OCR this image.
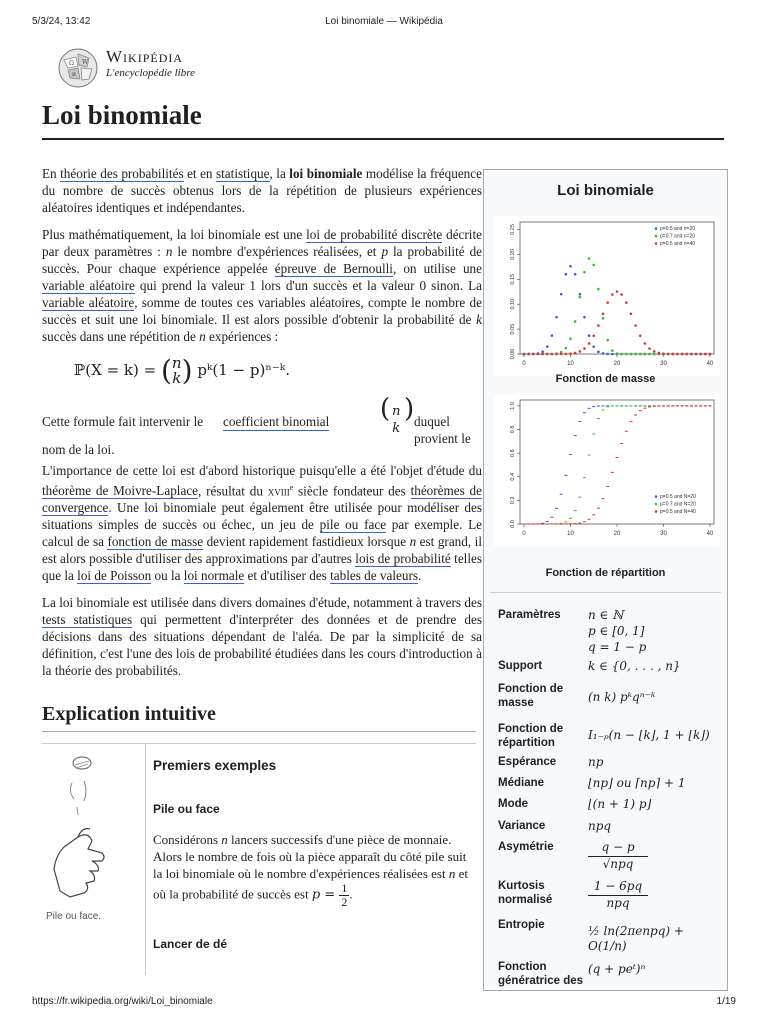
5/3/24, 13:42	Loi binomiale — Wikipédia
Ω W
и
Wikipédia
L'encyclopédie libre
Loi binomiale

En théorie des probabilités et en statistique, la loi binomiale modélise la fréquence du nombre de succès obtenus lors de la répétition de plusieurs expériences aléatoires identiques et indépendantes.

Plus mathématiquement, la loi binomiale est une loi de probabilité discrète décrite par deux paramètres : n le nombre d'expériences réalisées, et p la probabilité de succès. Pour chaque expérience appelée épreuve de Bernoulli, on utilise une variable aléatoire qui prend la valeur 1 lors d'un succès et la valeur 0 sinon. La variable aléatoire, somme de toutes ces variables aléatoires, compte le nombre de succès et suit une loi binomiale. Il est alors possible d'obtenir la probabilité de k succès dans une répétition de n expériences :

ℙ(X = k) = (n
k) pᵏ(1 − p)ⁿ⁻ᵏ.
Cette formule fait intervenir le coefficient binomial ( n
k
) duquel provient le
nom de la loi.

L'importance de cette loi est d'abord historique puisqu'elle a été l'objet d'étude du théorème de Moivre-Laplace, résultat du xviii$^e$ siècle fondateur des théorèmes de convergence. Une loi binomiale peut également être utilisée pour modéliser des situations simples de succès ou échec, un jeu de pile ou face par exemple. Le calcul de sa fonction de masse devient rapidement fastidieux lorsque n est grand, il est alors possible d'utiliser des approximations par d'autres lois de probabilité telles que la loi de Poisson ou la loi normale et d'utiliser des tables de valeurs.

La loi binomiale est utilisée dans divers domaines d'étude, notamment à travers des tests statistiques qui permettent d'interpréter des données et de prendre des décisions dans des situations dépendant de l'aléa. De par la simplicité de sa définition, c'est l'une des lois de probabilité étudiées dans les cours d'introduction à la théorie des probabilités.

Explication intuitive
Premiers exemples
Pile ou face
Pile ou face.
Considérons n lancers successifs d'une pièce de monnaie. Alors le nombre de fois où la pièce apparaît du côté pile suit la loi binomiale où le nombre d'expériences réalisées est n et où la probabilité de succès est $p = \frac{1}{2}$.
Lancer de dé
Loi binomiale
0.00
0.05
0.10
0.15
0.20
0.25
0	10	20	30	40
p=0.5 and n=20
p=0.7 and n=20
p=0.5 and n=40
Fonction de masse
0.0
0.2
0.4
0.6
0.8
1.0
0	10	20	30	40
p=0.5 and N=20
p=0.7 and N=20
p=0.5 and N=40
Fonction de répartition
Paramètres	n ∈ ℕ
p ∈ [0, 1]
q = 1 − p
Support	k ∈ {0, . . . , n}
Fonction de masse	(n k) pᵏqⁿ⁻ᵏ
Fonction de répartition
I₁₋ₚ(n − ⌊k⌋, 1 + ⌊k⌋)
Espérance	np
Médiane	⌊np⌋ ou ⌈np⌉ + 1
Mode	⌊(n + 1) p⌋
Variance	npq
Asymétrie	q − p
√npq
Kurtosis normalisé
1 − 6pq
npq
Entropie	½ ln(2πenpq) + O(1/n)
Fonction génératrice des
(q + peᵗ)ⁿ
https://fr.wikipedia.org/wiki/Loi_binomiale	1/19
